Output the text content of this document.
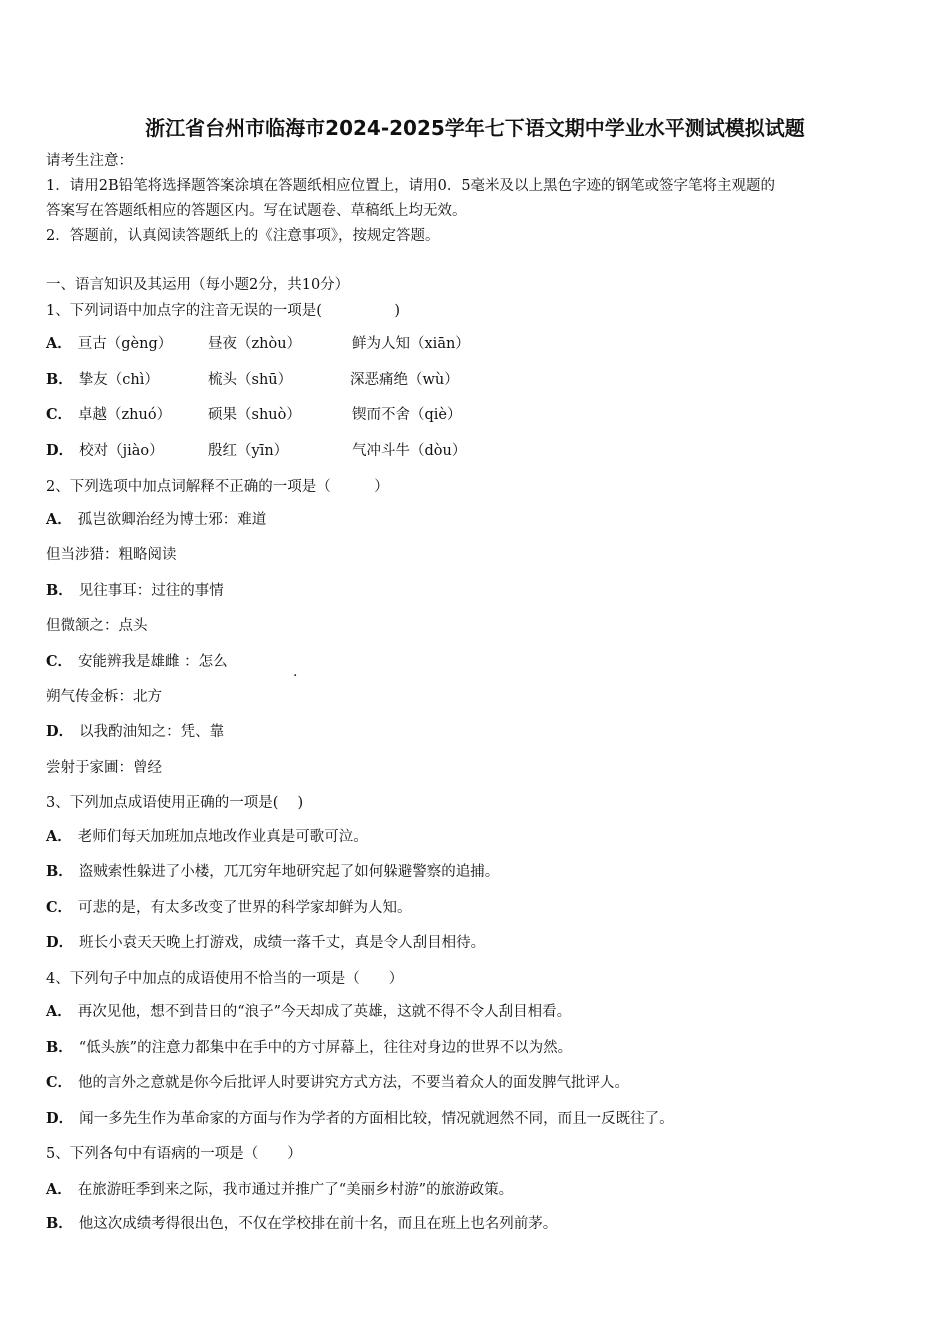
浙江省台州市临海市2024-2025学年七下语文期中学业水平测试模拟试题
请考生注意：
1．请用2B铅笔将选择题答案涂填在答题纸相应位置上，请用0．5毫米及以上黑色字迹的钢笔或签字笔将主观题的
答案写在答题纸相应的答题区内。写在试题卷、草稿纸上均无效。
2．答题前，认真阅读答题纸上的《注意事项》，按规定答题。
一、语言知识及其运用（每小题2分，共10分）
1、下列词语中加点字的注音无误的一项是(　　　　　)
A． 亘古（gèng） 昼夜（zhòu）	鲜为人知（xiān）
B． 挚友（chì）	梳头（shū）	深恶痛绝（wù）
C． 卓越（zhuó）	硕果（shuò）	锲而不舍（qiè）
D． 校对（jiào）	殷红（yīn）	气冲斗牛（dòu）
2、下列选项中加点词解释不正确的一项是（　　　）
A． 孤岂欲卿治经为博士邪：难道
但当涉猎：粗略阅读
B． 见往事耳：过往的事情
但微颔之：点头
C． 安能辨我是雄雌 ：怎么
.
朔气传金柝：北方
D． 以我酌油知之：凭、靠
尝射于家圃：曾经
3、下列加点成语使用正确的一项是(　 )
A． 老师们每天加班加点地改作业真是可歌可泣。
B． 盗贼索性躲进了小楼，兀兀穷年地研究起了如何躲避警察的追捕。
C． 可悲的是，有太多改变了世界的科学家却鲜为人知。
D． 班长小袁天天晚上打游戏，成绩一落千丈，真是令人刮目相待。
4、下列句子中加点的成语使用不恰当的一项是（　　）
A． 再次见他，想不到昔日的“浪子”今天却成了英雄，这就不得不令人刮目相看。
B． “低头族”的注意力都集中在手中的方寸屏幕上，往往对身边的世界不以为然。
C． 他的言外之意就是你今后批评人时要讲究方式方法，不要当着众人的面发脾气批评人。
D． 闻一多先生作为革命家的方面与作为学者的方面相比较，情况就迥然不同，而且一反既往了。
5、下列各句中有语病的一项是（　　）
A． 在旅游旺季到来之际，我市通过并推广了“美丽乡村游”的旅游政策。
B． 他这次成绩考得很出色，不仅在学校排在前十名，而且在班上也名列前茅。
